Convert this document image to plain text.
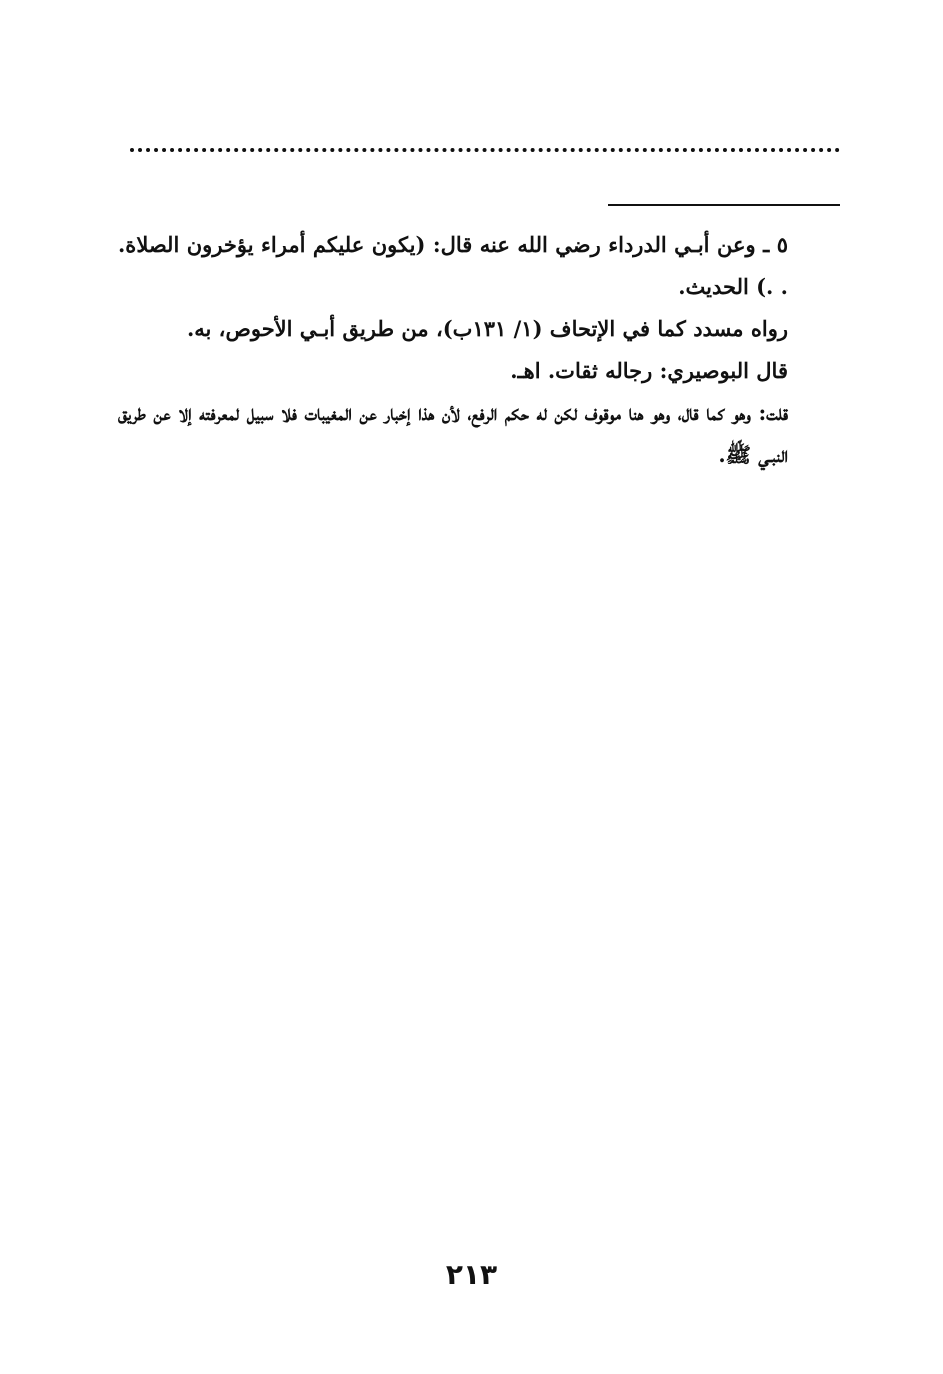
٥ ـ وعن أبـي الدرداء رضي الله عنه قال: (يكون عليكم أمراء يؤخرون الصلاة. . .) الحديث.

رواه مسدد كما في الإتحاف (١/ ١٣١ب)، من طريق أبـي الأحوص، به.

قال البوصيري: رجاله ثقات. اهـ.

قلت: وهو كما قال، وهو هنا موقوف لكن له حكم الرفع، لأن هذا إخبار عن المغيبات فلا سبيل لمعرفته إلا عن طريق النبـي ﷺ.

٢١٣
